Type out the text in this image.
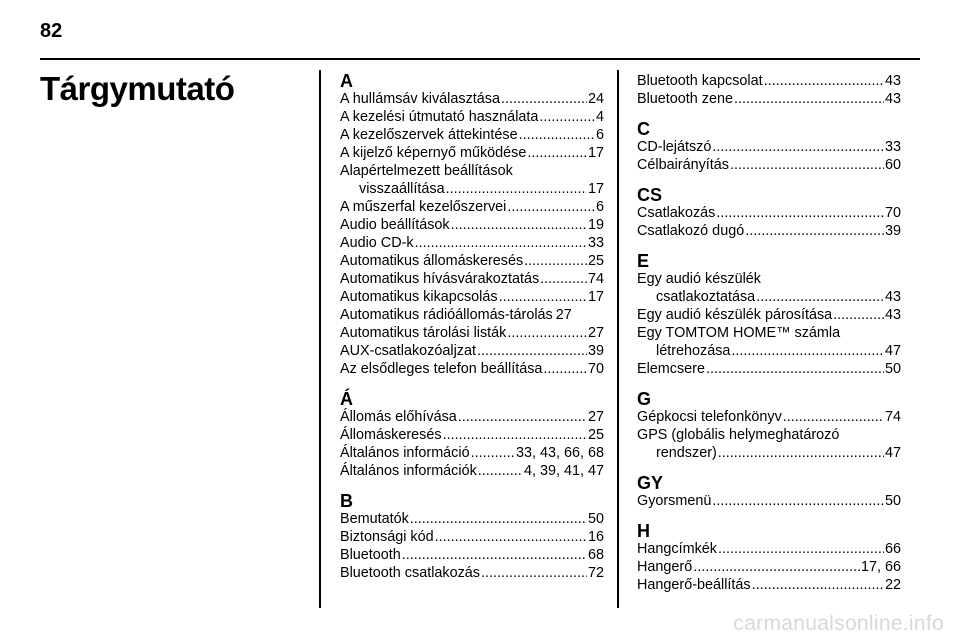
82
Tárgymutató	A
A hullámsáv kiválasztása .....	24
A kezelési útmutató használata .....	4
A kezelőszervek áttekintése .....	6
A kijelző képernyő működése .....	17
Alapértelmezett beállítások
visszaállítása .....	17
A műszerfal kezelőszervei .....	6
Audio beállítások .....	19
Audio CD-k .....	33
Automatikus állomáskeresés .....	25
Automatikus hívásvárakoztatás .....	74
Automatikus kikapcsolás .....	17
Automatikus rádióállomás-tárolás 27
Automatikus tárolási listák .....	27
AUX-csatlakozóaljzat .....	39
Az elsődleges telefon beállítása .....	70
Á
Állomás előhívása .....	27
Állomáskeresés .....	25
Általános információ .....	33, 43, 66, 68
Általános információk .....	4, 39, 41, 47
B
Bemutatók .....	50
Biztonsági kód .....	16
Bluetooth .....	68
Bluetooth csatlakozás .....	72
Bluetooth kapcsolat .....	43
Bluetooth zene .....	43
C
CD-lejátszó .....	33
Célbairányítás .....	60
CS
Csatlakozás .....	70
Csatlakozó dugó .....	39
E
Egy audió készülék
csatlakoztatása .....	43
Egy audió készülék párosítása .....	43
Egy TOMTOM HOME™ számla
létrehozása .....	47
Elemcsere .....	50
G
Gépkocsi telefonkönyv .....	74
GPS (globális helymeghatározó
rendszer) .....	47
GY
Gyorsmenü .....	50
H
Hangcímkék .....	66
Hangerő .....	17, 66
Hangerő-beállítás .....	22
carmanualsonline.info
